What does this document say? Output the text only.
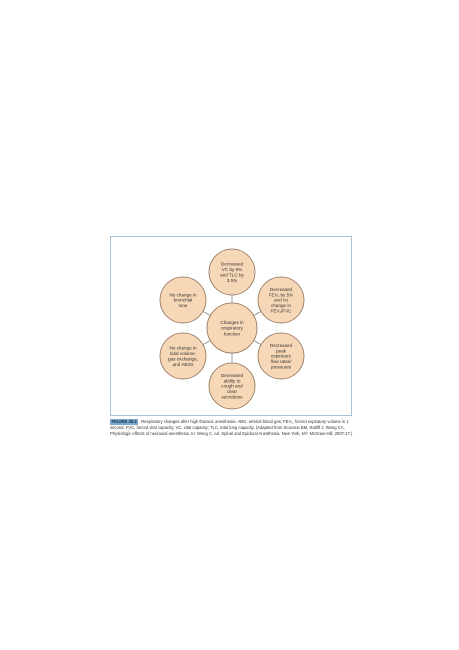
Changes in
respiratory
function
Decreased
VC by 8%
and TLC by
3.5%
Decreased
FEV₁ by 5%
and no
change in
FEV₁/FVC
Decreased
peak
expiratory
flow rates/
pressures
Decreased
ability to
cough and
clear
secretions
No change in
tidal volume,
gas exchange,
and ABGs
No change in
bronchial
tone
FIGURE 38.4 Respiratory changes after high thoracic anesthesia. ABG, arterial blood gas; FEV₁, forced expiratory volume in 1 second; FVC, forced vital capacity; VC, vital capacity; TLC, total lung capacity. (Adapted from Scavone BM, Ratliff J, Wong CA. Physiologic effects of neuraxial anesthesia. In: Wong C, ed. Spinal and Epidural Anesthesia. New York, NY: McGraw-Hill, 2007:17.)
